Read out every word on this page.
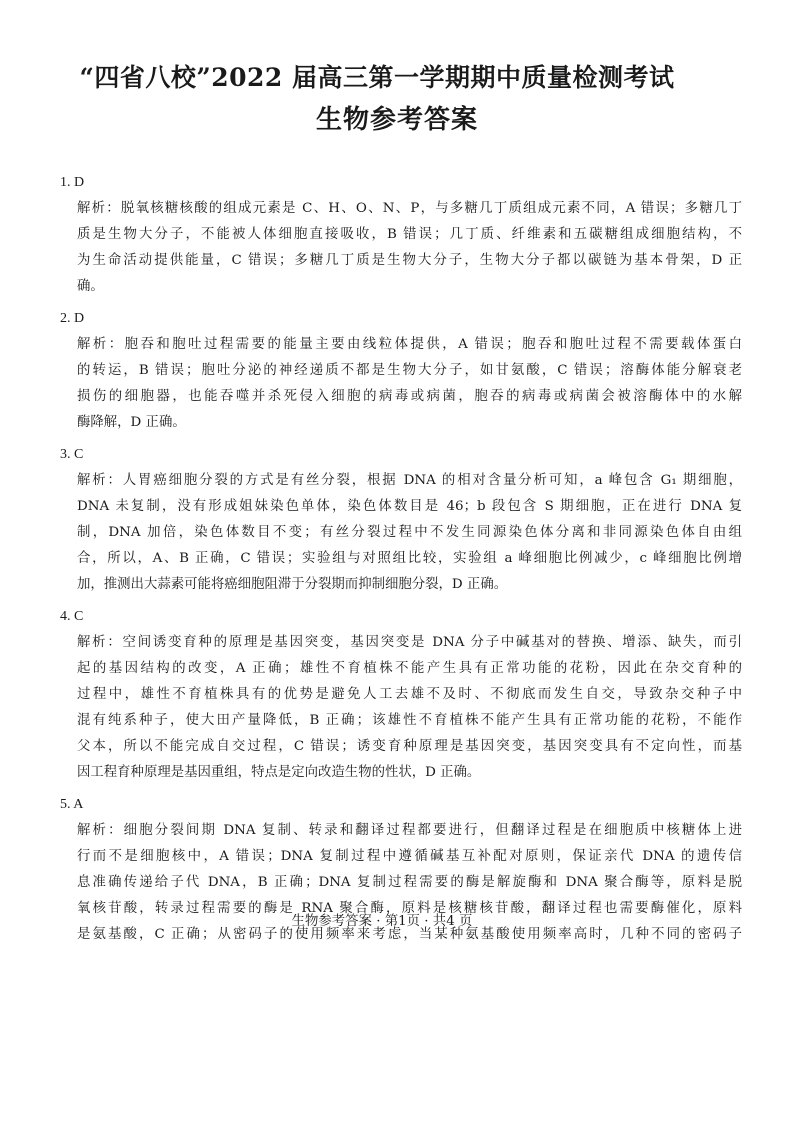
“四省八校”2022 届高三第一学期期中质量检测考试
生物参考答案

1. D

解析：脱氧核糖核酸的组成元素是 C、H、O、N、P，与多糖几丁质组成元素不同，A 错误；多糖几丁
质是生物大分子，不能被人体细胞直接吸收，B 错误；几丁质、纤维素和五碳糖组成细胞结构，不
为生命活动提供能量，C 错误；多糖几丁质是生物大分子，生物大分子都以碳链为基本骨架，D 正
确。

2. D

解析：胞吞和胞吐过程需要的能量主要由线粒体提供，A 错误；胞吞和胞吐过程不需要载体蛋白
的转运，B 错误；胞吐分泌的神经递质不都是生物大分子，如甘氨酸，C 错误；溶酶体能分解衰老
损伤的细胞器，也能吞噬并杀死侵入细胞的病毒或病菌，胞吞的病毒或病菌会被溶酶体中的水解
酶降解，D 正确。

3. C

解析：人胃癌细胞分裂的方式是有丝分裂，根据 DNA 的相对含量分析可知，a 峰包含 G₁ 期细胞，
DNA 未复制，没有形成姐妹染色单体，染色体数目是 46；b 段包含 S 期细胞，正在进行 DNA 复
制，DNA 加倍，染色体数目不变；有丝分裂过程中不发生同源染色体分离和非同源染色体自由组
合，所以，A、B 正确，C 错误；实验组与对照组比较，实验组 a 峰细胞比例减少，c 峰细胞比例增
加，推测出大蒜素可能将癌细胞阻滞于分裂期而抑制细胞分裂，D 正确。

4. C

解析：空间诱变育种的原理是基因突变，基因突变是 DNA 分子中碱基对的替换、增添、缺失，而引
起的基因结构的改变，A 正确；雄性不育植株不能产生具有正常功能的花粉，因此在杂交育种的
过程中，雄性不育植株具有的优势是避免人工去雄不及时、不彻底而发生自交，导致杂交种子中
混有纯系种子，使大田产量降低，B 正确；该雄性不育植株不能产生具有正常功能的花粉，不能作
父本，所以不能完成自交过程，C 错误；诱变育种原理是基因突变，基因突变具有不定向性，而基
因工程育种原理是基因重组，特点是定向改造生物的性状，D 正确。

5. A

解析：细胞分裂间期 DNA 复制、转录和翻译过程都要进行，但翻译过程是在细胞质中核糖体上进
行而不是细胞核中，A 错误；DNA 复制过程中遵循碱基互补配对原则，保证亲代 DNA 的遗传信
息准确传递给子代 DNA，B 正确；DNA 复制过程需要的酶是解旋酶和 DNA 聚合酶等，原料是脱
氧核苷酸，转录过程需要的酶是 RNA 聚合酶，原料是核糖核苷酸，翻译过程也需要酶催化，原料
是氨基酸，C 正确；从密码子的使用频率来考虑，当某种氨基酸使用频率高时，几种不同的密码子
生物参考答案 · 第1页 · 共4 页
